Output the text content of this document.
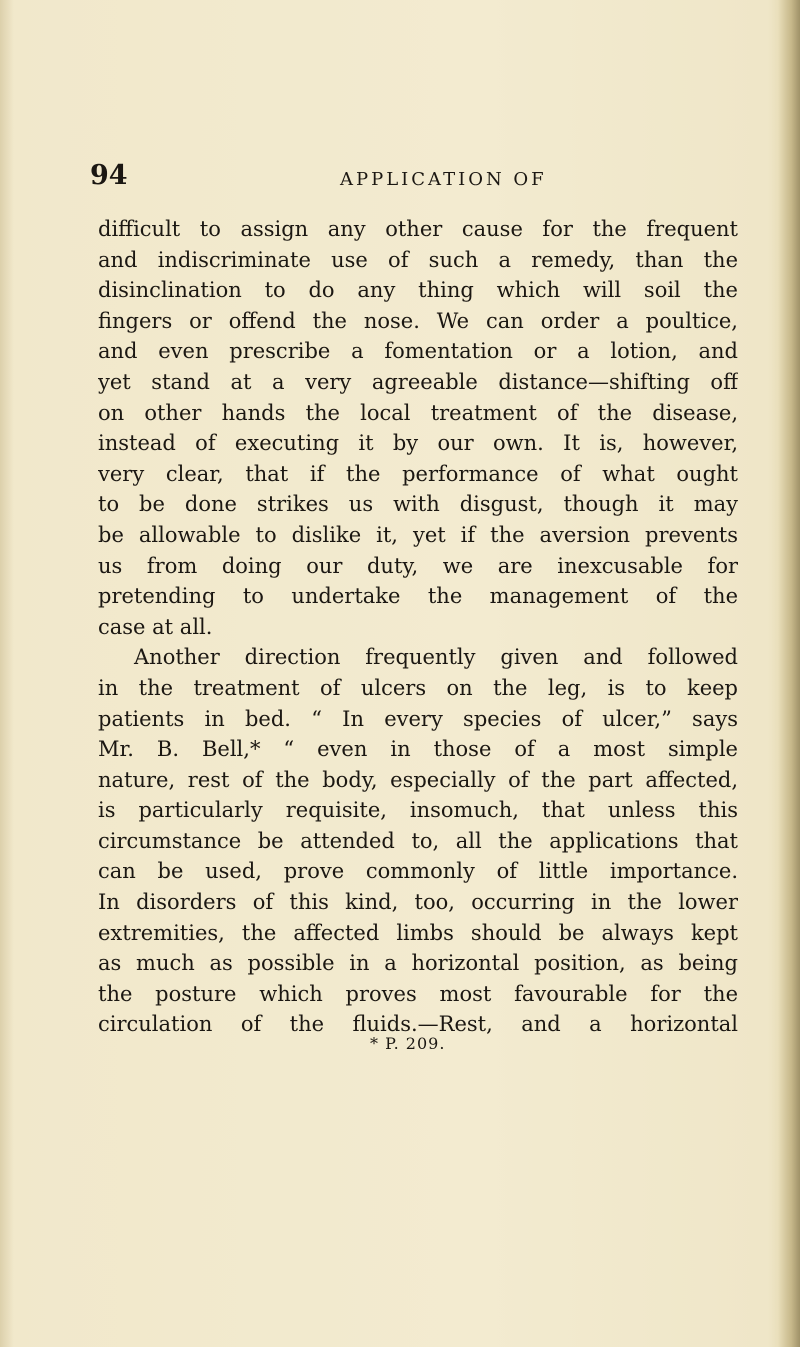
94	APPLICATION OF
difficult to assign any other cause for the frequent
and indiscriminate use of such a remedy, than the
disinclination to do any thing which will soil the
fingers or offend the nose. We can order a poultice,
and even prescribe a fomentation or a lotion, and
yet stand at a very agreeable distance—shifting off
on other hands the local treatment of the disease,
instead of executing it by our own. It is, however,
very clear, that if the performance of what ought
to be done strikes us with disgust, though it may
be allowable to dislike it, yet if the aversion prevents
us from doing our duty, we are inexcusable for
pretending to undertake the management of the
case at all.
Another direction frequently given and followed
in the treatment of ulcers on the leg, is to keep
patients in bed. “ In every species of ulcer,” says
Mr. B. Bell,* “ even in those of a most simple
nature, rest of the body, especially of the part affected,
is particularly requisite, insomuch, that unless this
circumstance be attended to, all the applications that
can be used, prove commonly of little importance.
In disorders of this kind, too, occurring in the lower
extremities, the affected limbs should be always kept
as much as possible in a horizontal position, as being
the posture which proves most favourable for the
circulation of the fluids.—Rest, and a horizontal
* P. 209.
